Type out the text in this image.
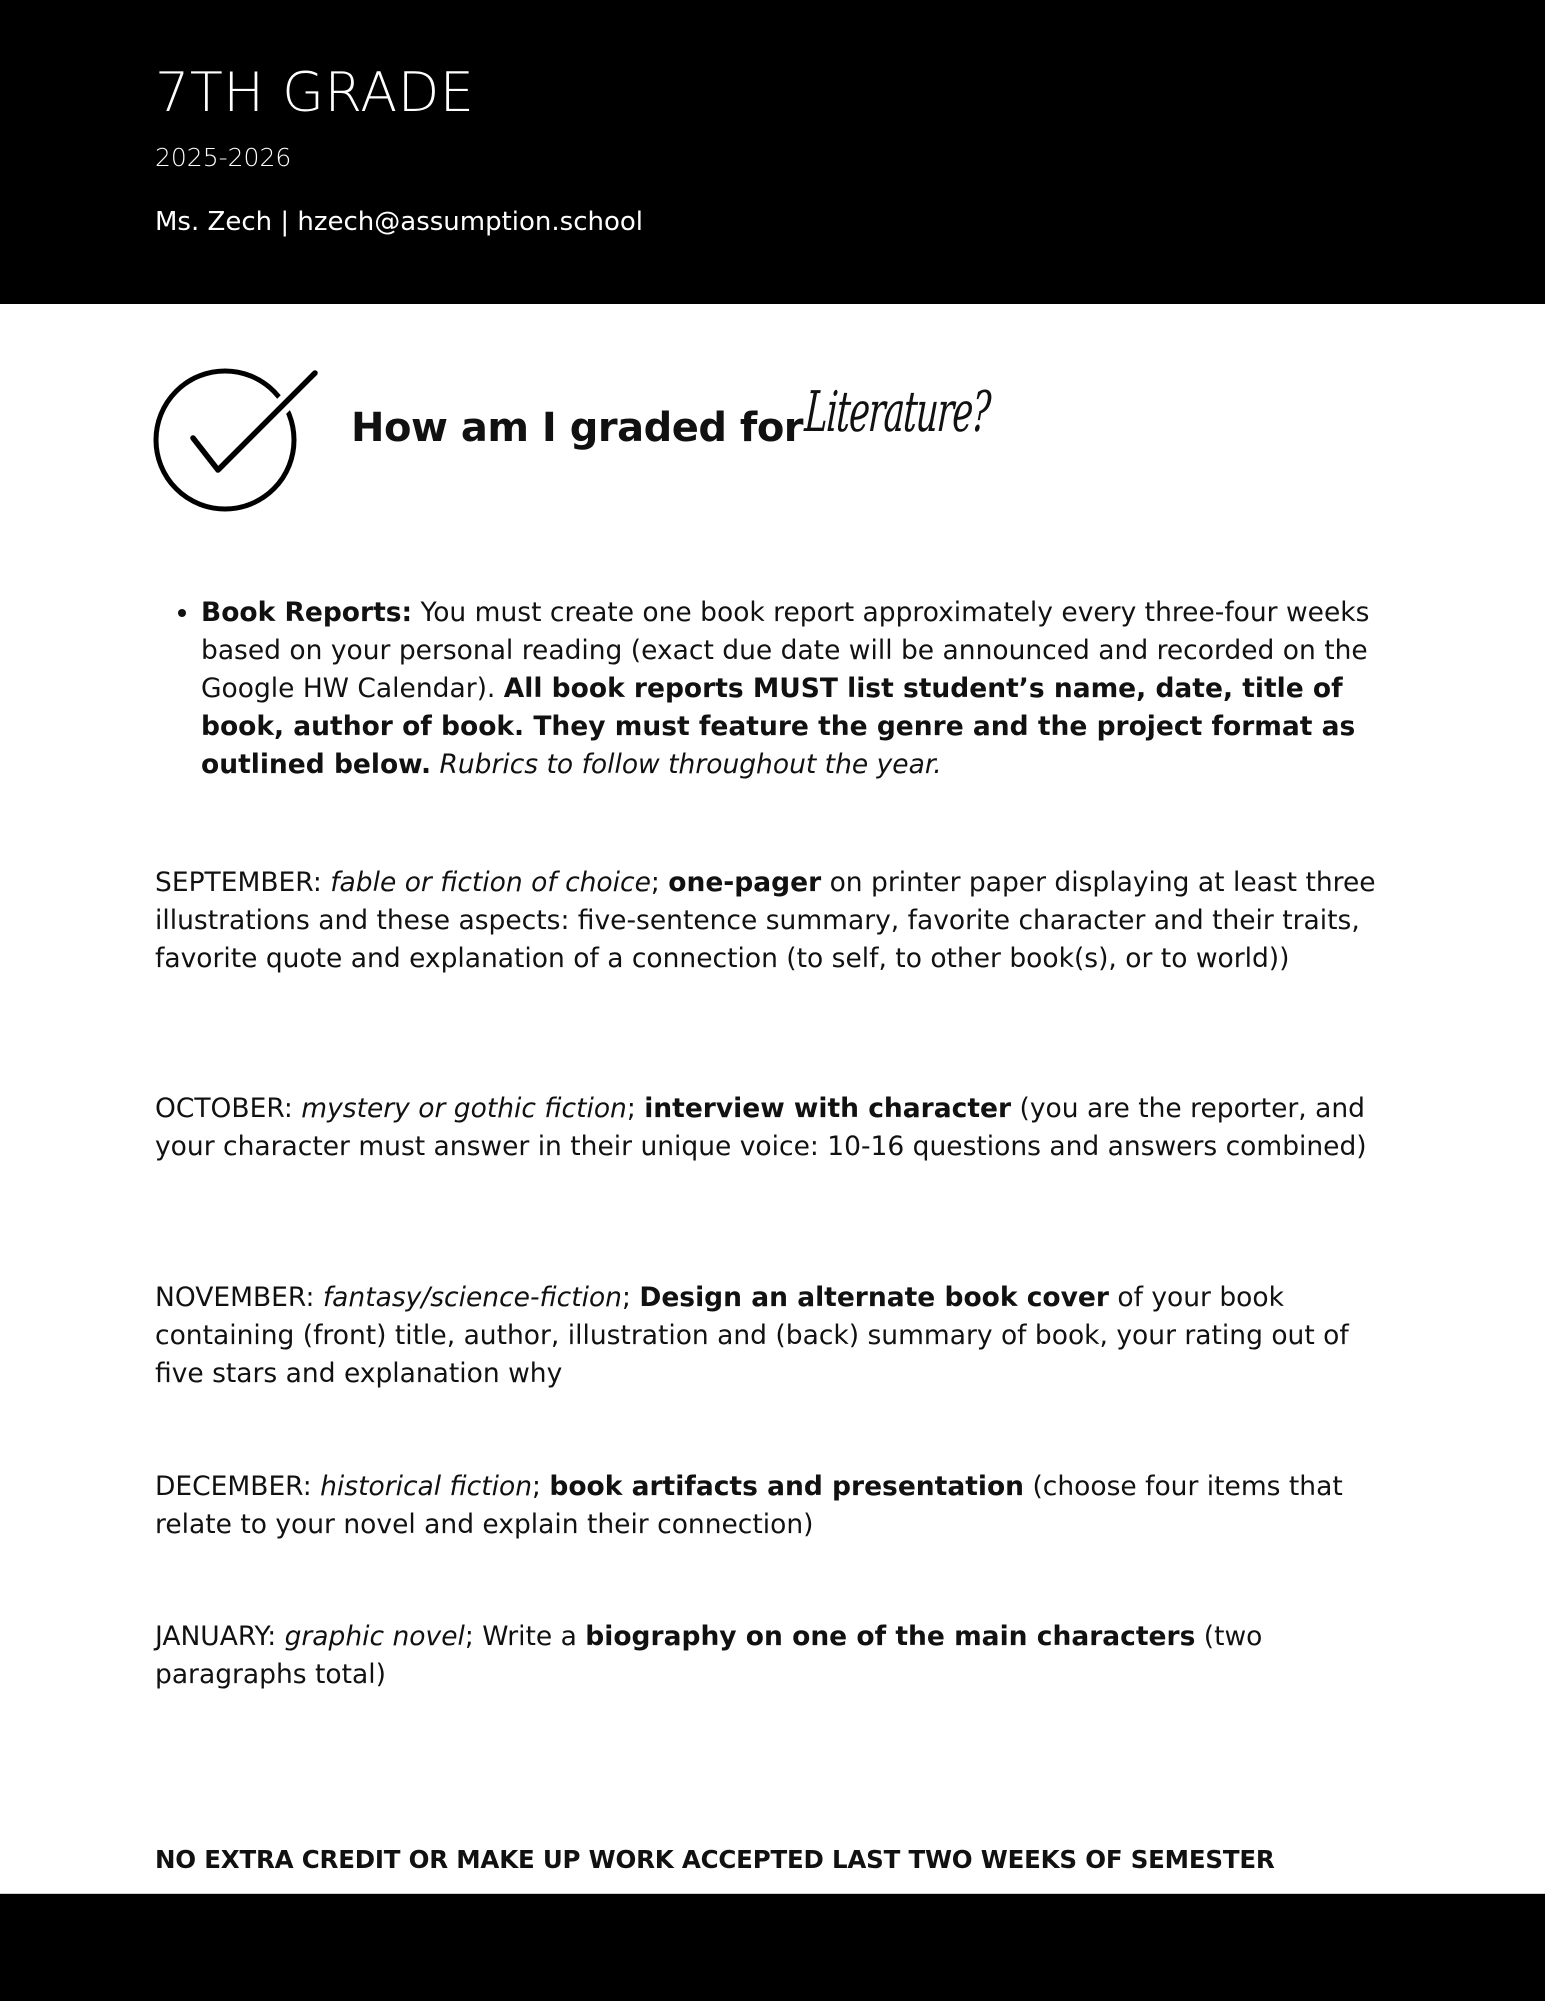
7TH GRADE
2025-2026
Ms. Zech | hzech@assumption.school
How am I graded for Literature?
• Book Reports: You must create one book report approximately every three-four weeks based on your personal reading (exact due date will be announced and recorded on the Google HW Calendar). All book reports MUST list student’s name, date, title of book, author of book. They must feature the genre and the project format as outlined below. Rubrics to follow throughout the year.
SEPTEMBER: fable or fiction of choice; one-pager on printer paper displaying at least three illustrations and these aspects: five-sentence summary, favorite character and their traits, favorite quote and explanation of a connection (to self, to other book(s), or to world))
OCTOBER: mystery or gothic fiction; interview with character (you are the reporter, and your character must answer in their unique voice: 10-16 questions and answers combined)
NOVEMBER: fantasy/science-fiction; Design an alternate book cover of your book containing (front) title, author, illustration and (back) summary of book, your rating out of five stars and explanation why
DECEMBER: historical fiction; book artifacts and presentation (choose four items that relate to your novel and explain their connection)
JANUARY: graphic novel; Write a biography on one of the main characters (two paragraphs total)
NO EXTRA CREDIT OR MAKE UP WORK ACCEPTED LAST TWO WEEKS OF SEMESTER
